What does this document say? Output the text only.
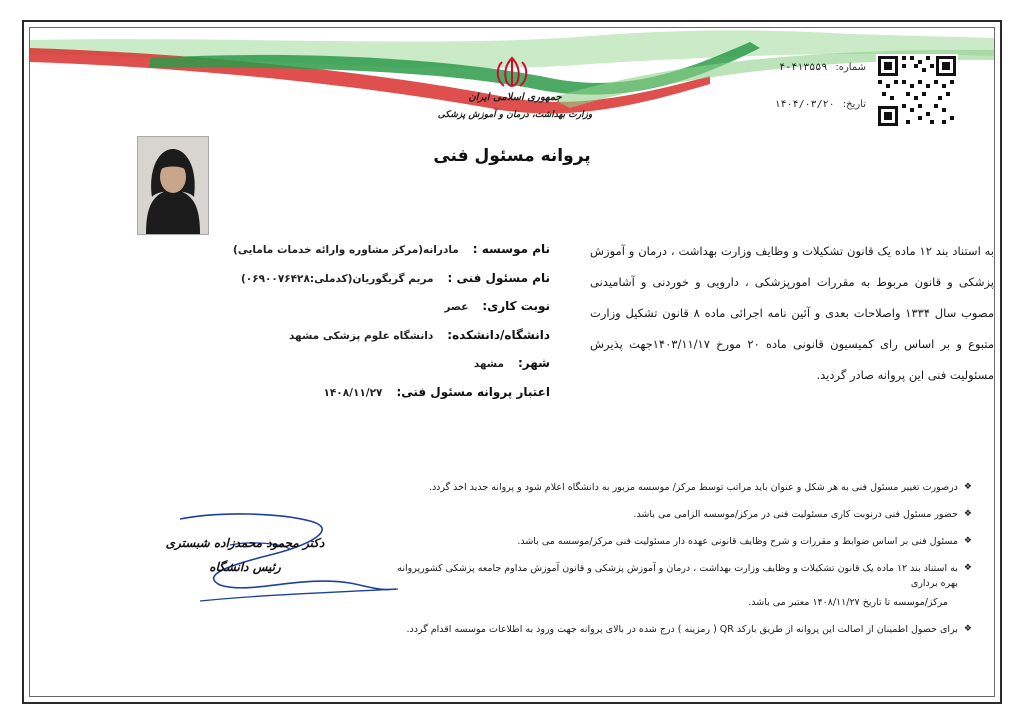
جمهوری اسلامی ایران
وزارت بهداشت، درمان و آموزش پزشکی
شماره:
۴-۴۱۳۵۵۹
تاریخ:
۱۴۰۴/۰۳/۲۰
پروانه مسئول فنی
نام موسسه :
مادرانه(مرکز مشاوره وارائه خدمات مامایی)
نام مسئول فنی :
مریم گریگوریان(کدملی:۰۶۹۰۰۷۶۴۲۸)
نوبت کاری:
عصر
دانشگاه/دانشکده:
دانشگاه علوم پزشکی مشهد
شهر:
مشهد
اعتبار پروانه مسئول فنی:
۱۴۰۸/۱۱/۲۷
به استناد بند ۱۲ ماده یک قانون تشکیلات و وظایف وزارت بهداشت ، درمان و آموزش پزشکی و قانون مربوط به مقررات امورپزشکی ، دارویی و خوردنی و آشامیدنی مصوب سال ۱۳۳۴ واصلاحات بعدی و آئین نامه اجرائی ماده ۸ قانون تشکیل وزارت متبوع و بر اساس رای کمیسیون قانونی ماده ۲۰ مورخ ۱۴۰۳/۱۱/۱۷جهت پذیرش مسئولیت فنی این پروانه صادر گردید.
❖
درصورت تغییر مسئول فنی به هر شکل و عنوان باید مراتب توسط مرکز/ موسسه مزبور به دانشگاه اعلام شود و پروانه جدید اخذ گردد.
❖
حضور مسئول فنی درنوبت کاری مسئولیت فنی در مرکز/موسسه الزامی می باشد.
❖
مسئول فنی بر اساس ضوابط و مقررات و شرح وظایف قانونی عهده دار مسئولیت فنی مرکز/موسسه می باشد.
❖
به استناد بند ۱۲ ماده یک قانون تشکیلات و وظایف وزارت بهداشت ، درمان و آموزش پزشکی و قانون آموزش مداوم جامعه پزشکی کشورپروانه بهره برداری
مرکز/موسسه تا تاریخ ۱۴۰۸/۱۱/۲۷ معتبر می باشد.
❖
برای حصول اطمینان از اصالت این پروانه از طریق بارکد QR ( رمزینه ) درج شده در بالای پروانه جهت ورود به اطلاعات موسسه اقدام گردد.
دکتر محمود محمدزاده شبستری
رئیس دانشگاه
